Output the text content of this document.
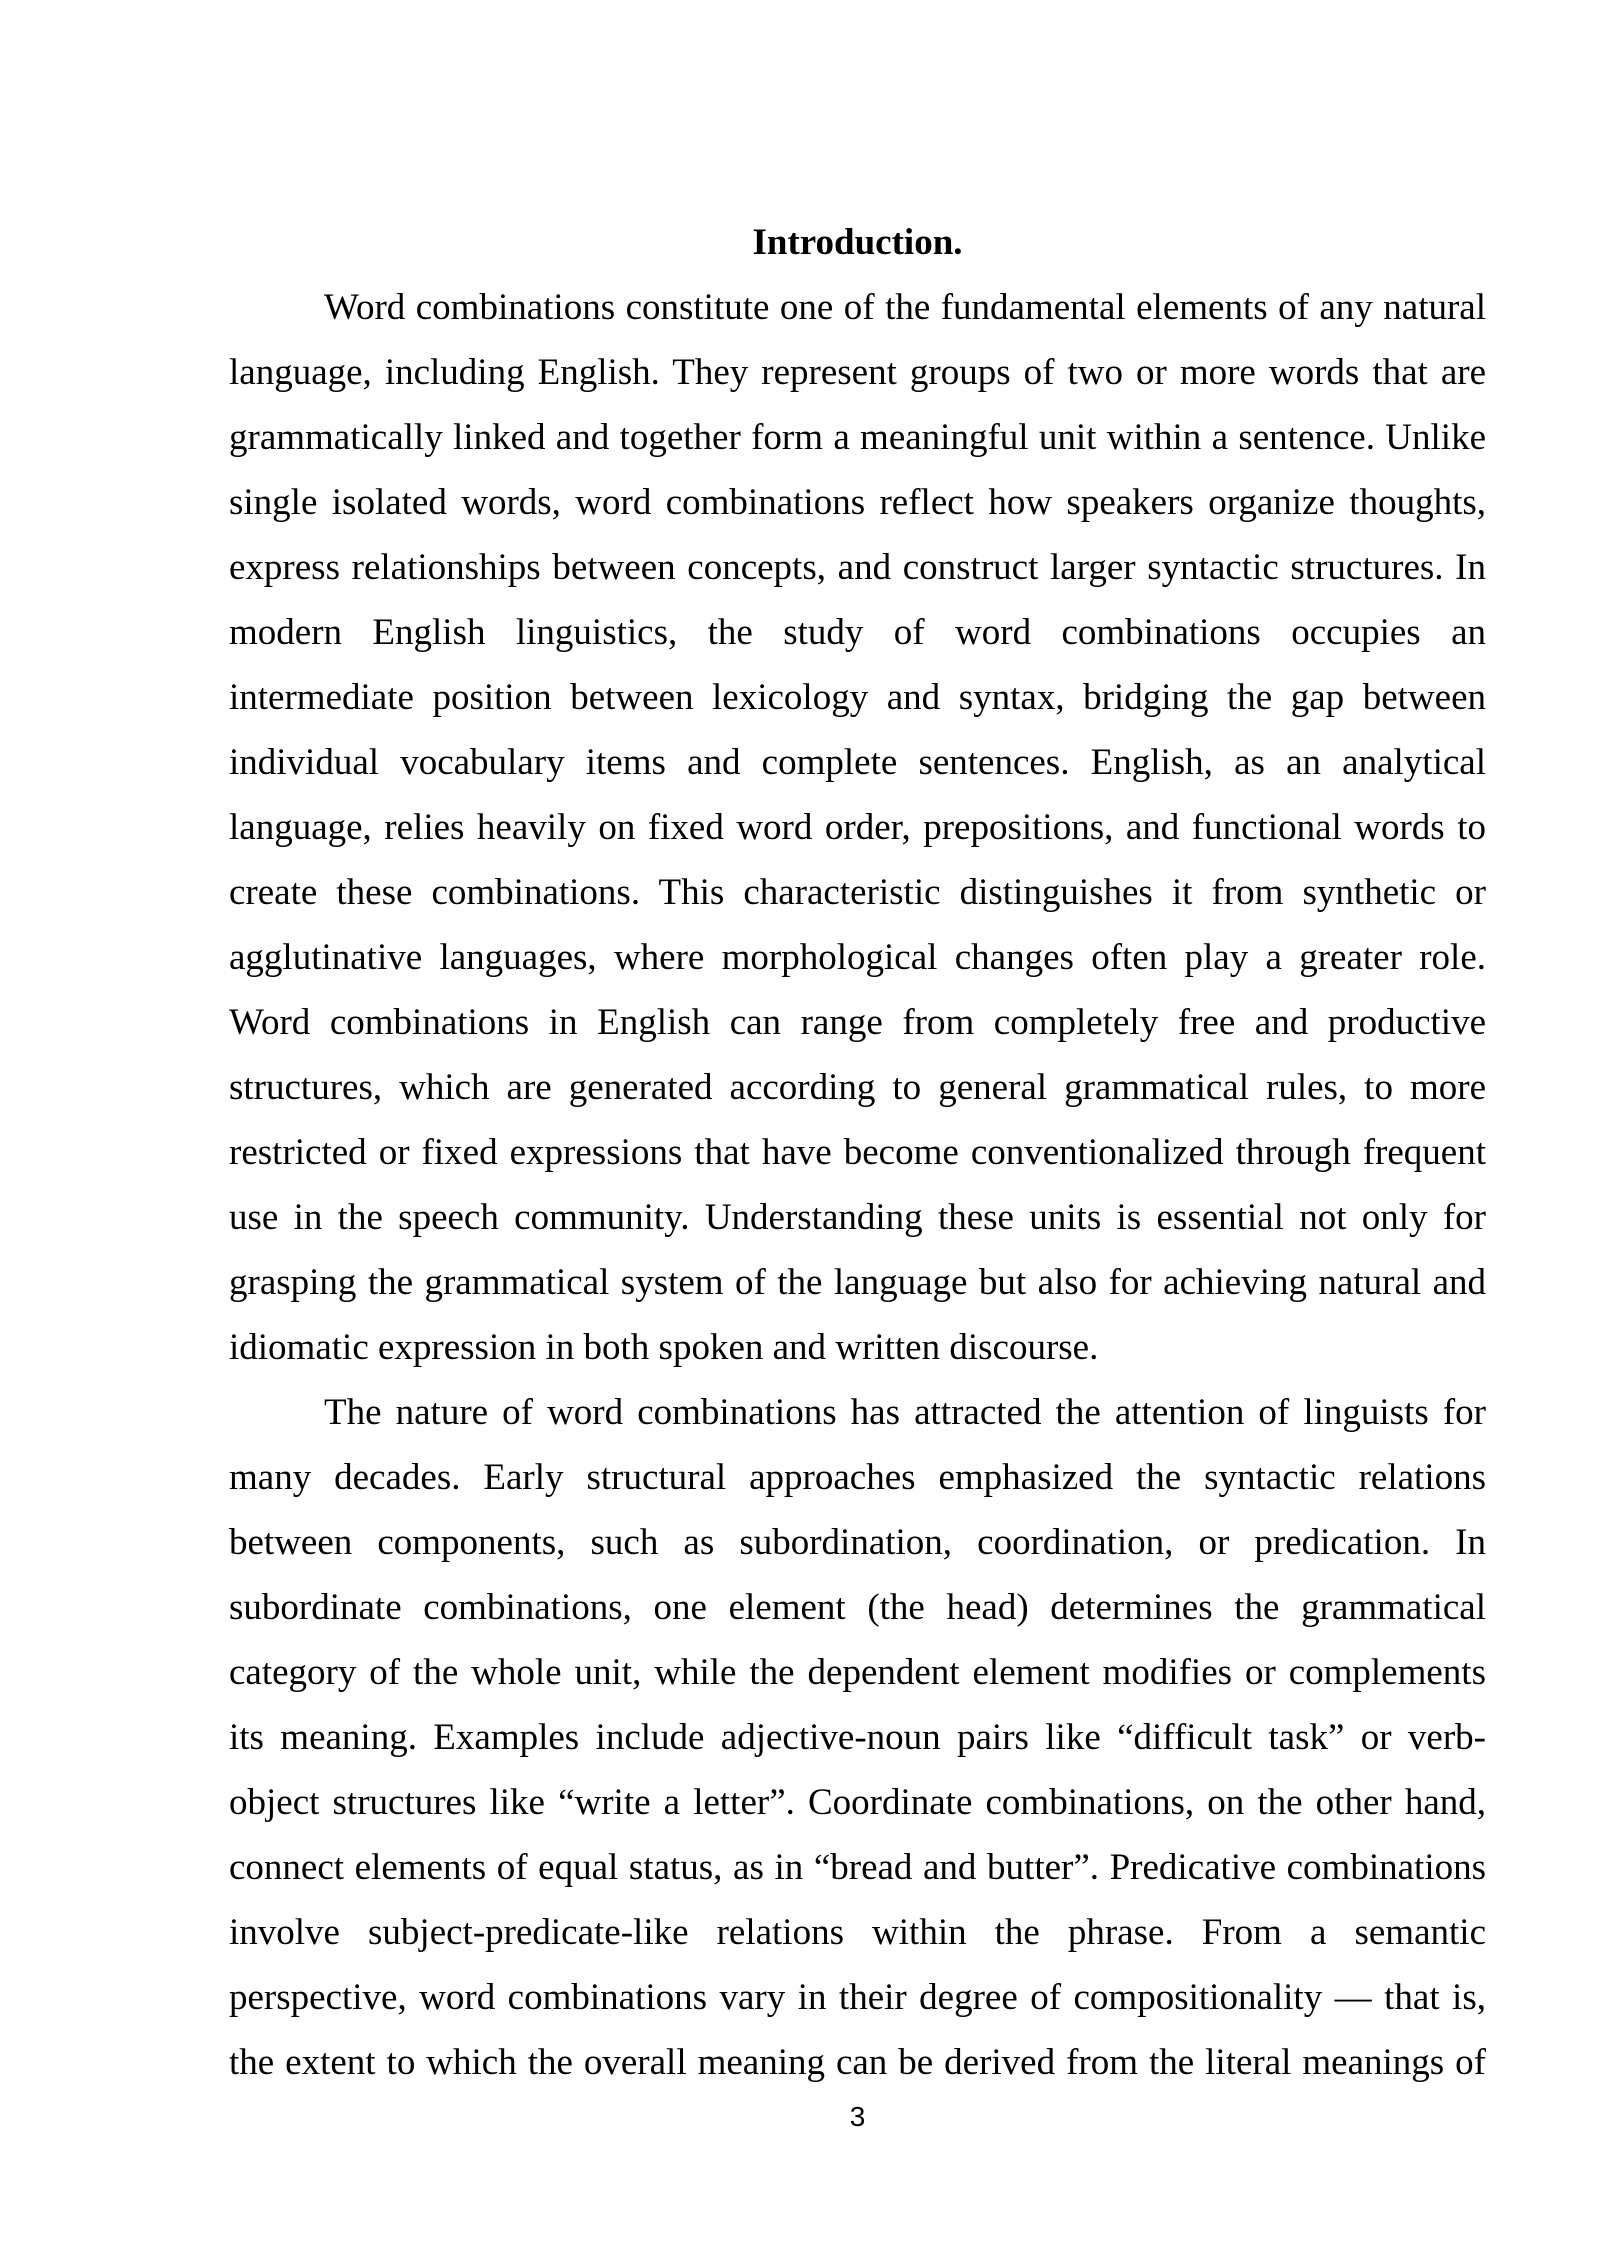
Introduction.
Word combinations constitute one of the fundamental elements of any natural
language, including English. They represent groups of two or more words that are
grammatically linked and together form a meaningful unit within a sentence. Unlike
single isolated words, word combinations reflect how speakers organize thoughts,
express relationships between concepts, and construct larger syntactic structures. In
modern English linguistics, the study of word combinations occupies an
intermediate position between lexicology and syntax, bridging the gap between
individual vocabulary items and complete sentences. English, as an analytical
language, relies heavily on fixed word order, prepositions, and functional words to
create these combinations. This characteristic distinguishes it from synthetic or
agglutinative languages, where morphological changes often play a greater role.
Word combinations in English can range from completely free and productive
structures, which are generated according to general grammatical rules, to more
restricted or fixed expressions that have become conventionalized through frequent
use in the speech community. Understanding these units is essential not only for
grasping the grammatical system of the language but also for achieving natural and
idiomatic expression in both spoken and written discourse.
The nature of word combinations has attracted the attention of linguists for
many decades. Early structural approaches emphasized the syntactic relations
between components, such as subordination, coordination, or predication. In
subordinate combinations, one element (the head) determines the grammatical
category of the whole unit, while the dependent element modifies or complements
its meaning. Examples include adjective-noun pairs like “difficult task” or verb-
object structures like “write a letter”. Coordinate combinations, on the other hand,
connect elements of equal status, as in “bread and butter”. Predicative combinations
involve subject-predicate-like relations within the phrase. From a semantic
perspective, word combinations vary in their degree of compositionality — that is,
the extent to which the overall meaning can be derived from the literal meanings of
3
